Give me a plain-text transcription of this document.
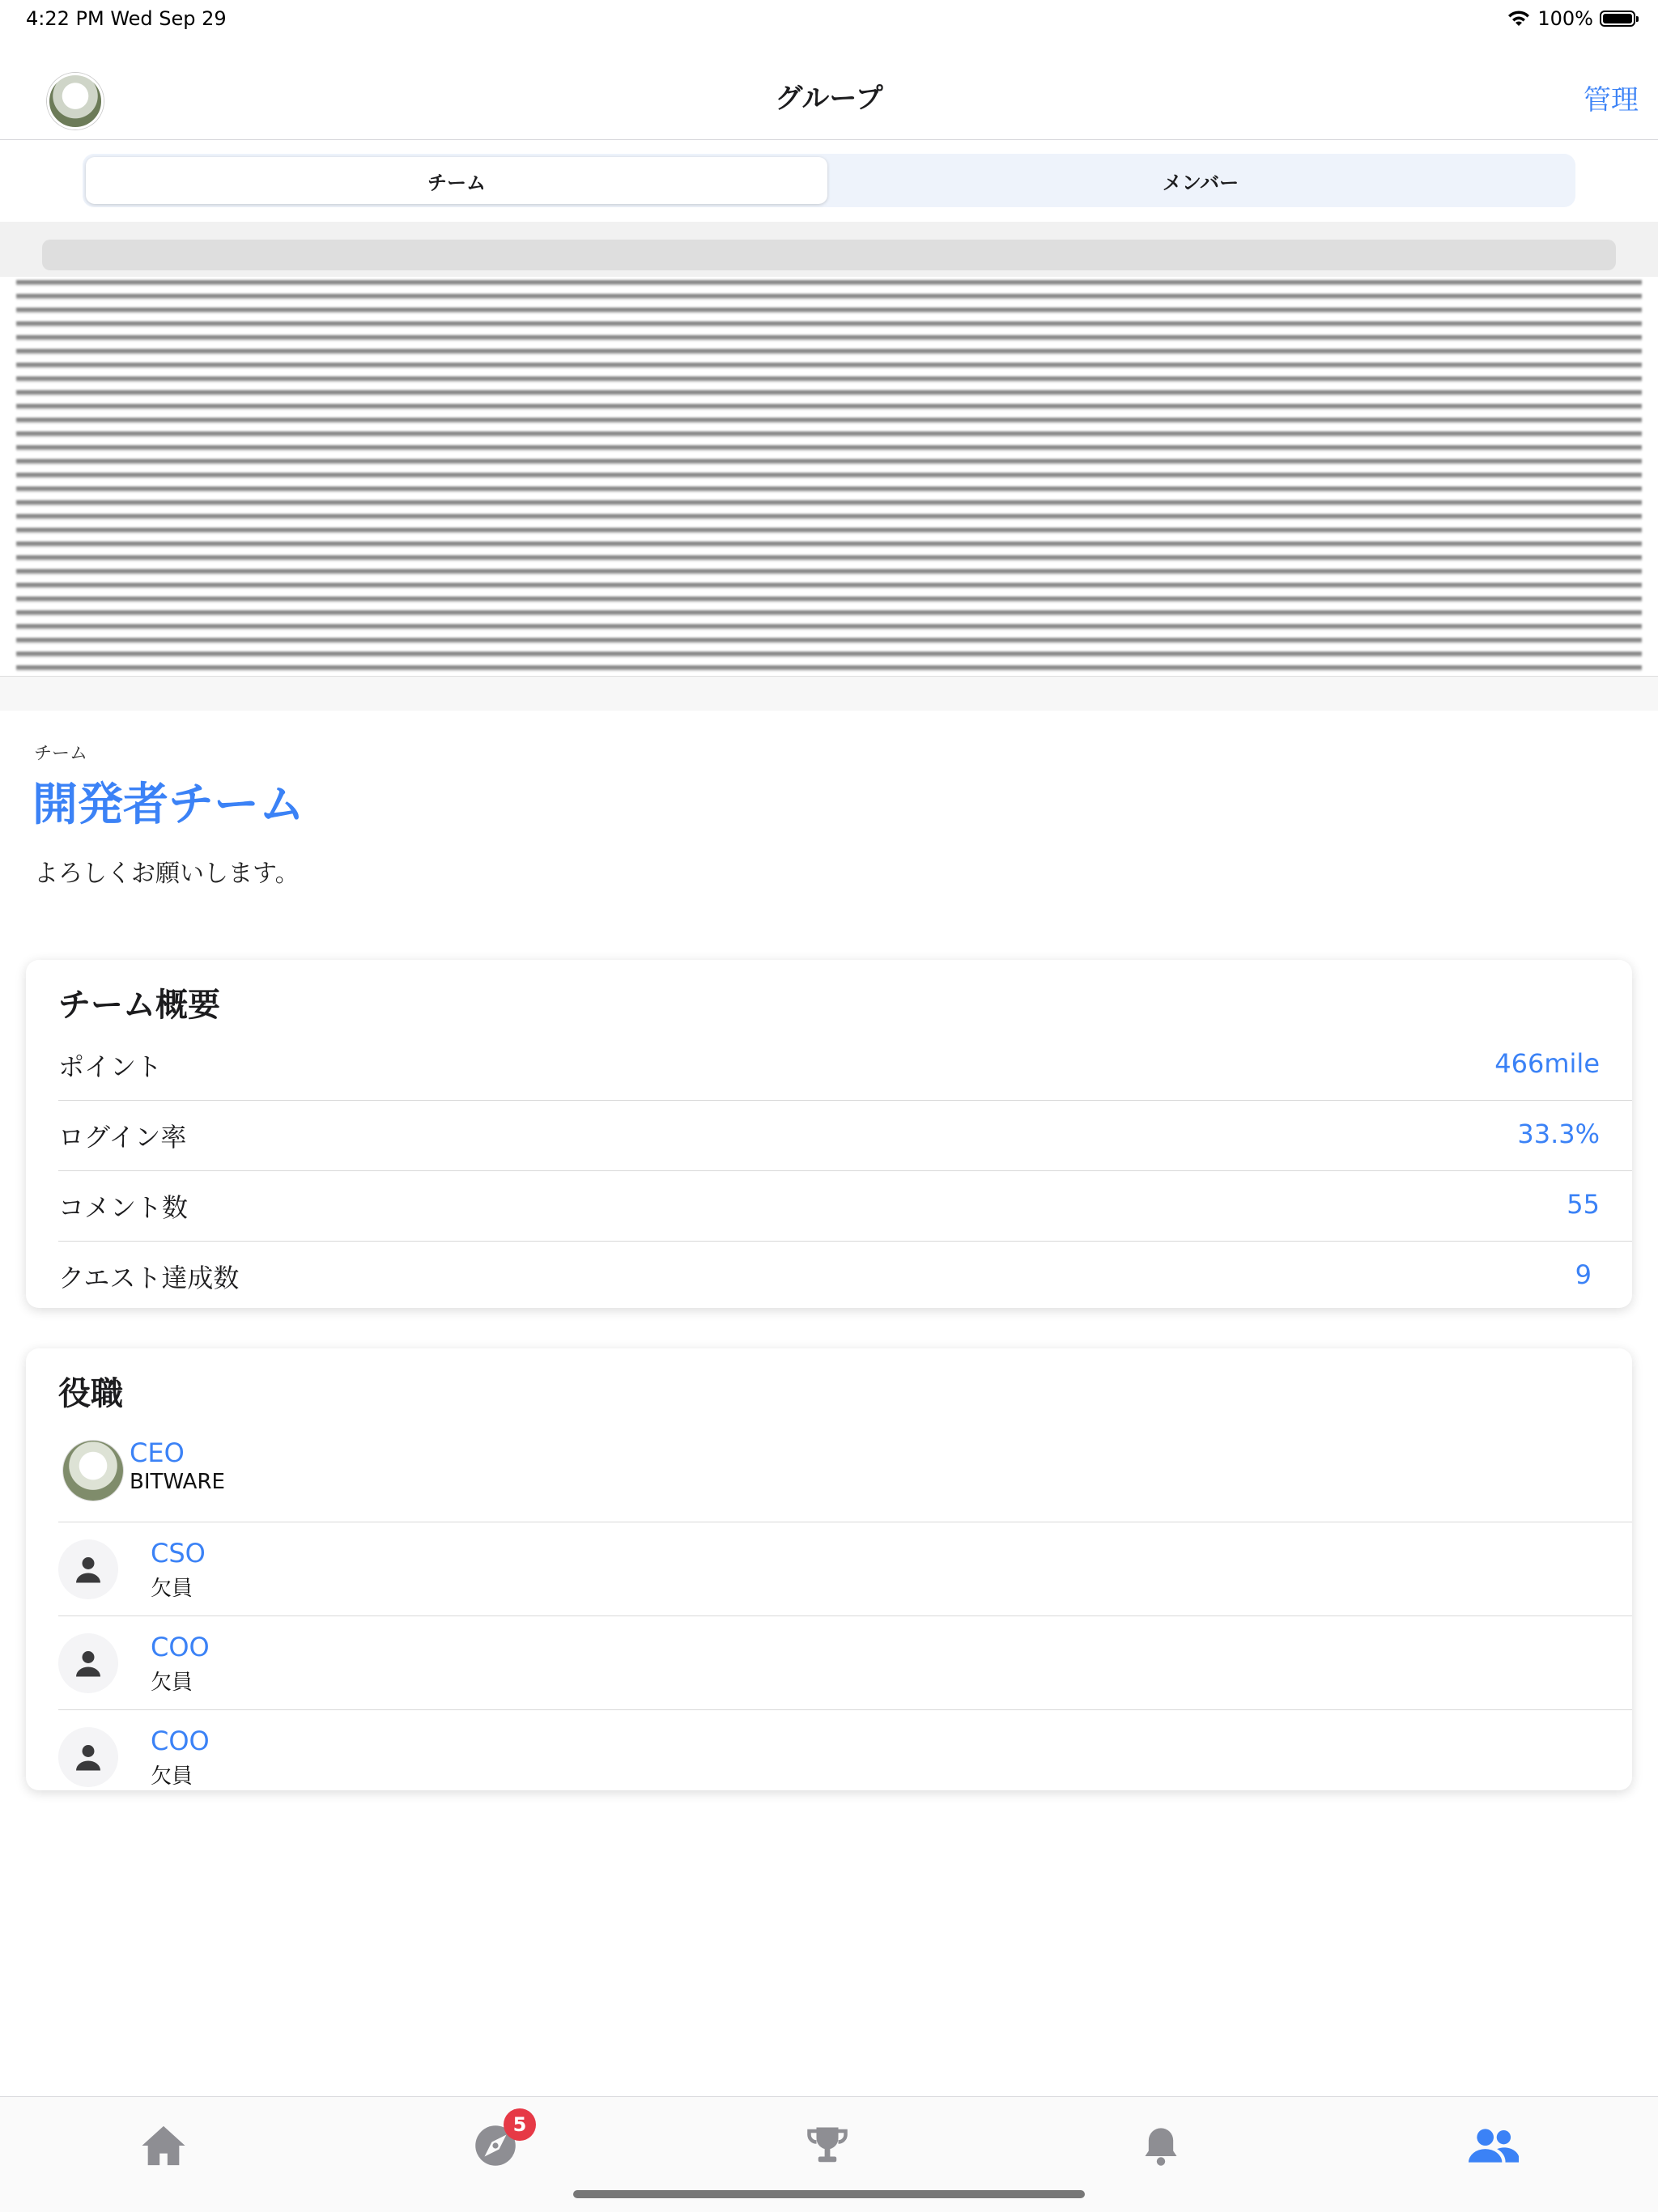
4:22 PM Wed Sep 29	100%
グループ	管理
チーム	メンバー
チーム
開発者チーム
よろしくお願いします。
チーム概要
ポイント	466mile
ログイン率	33.3%
コメント数	55
クエスト達成数	9
役職
CEO
BITWARE
CSO
欠員
COO
欠員
COO
欠員
5
